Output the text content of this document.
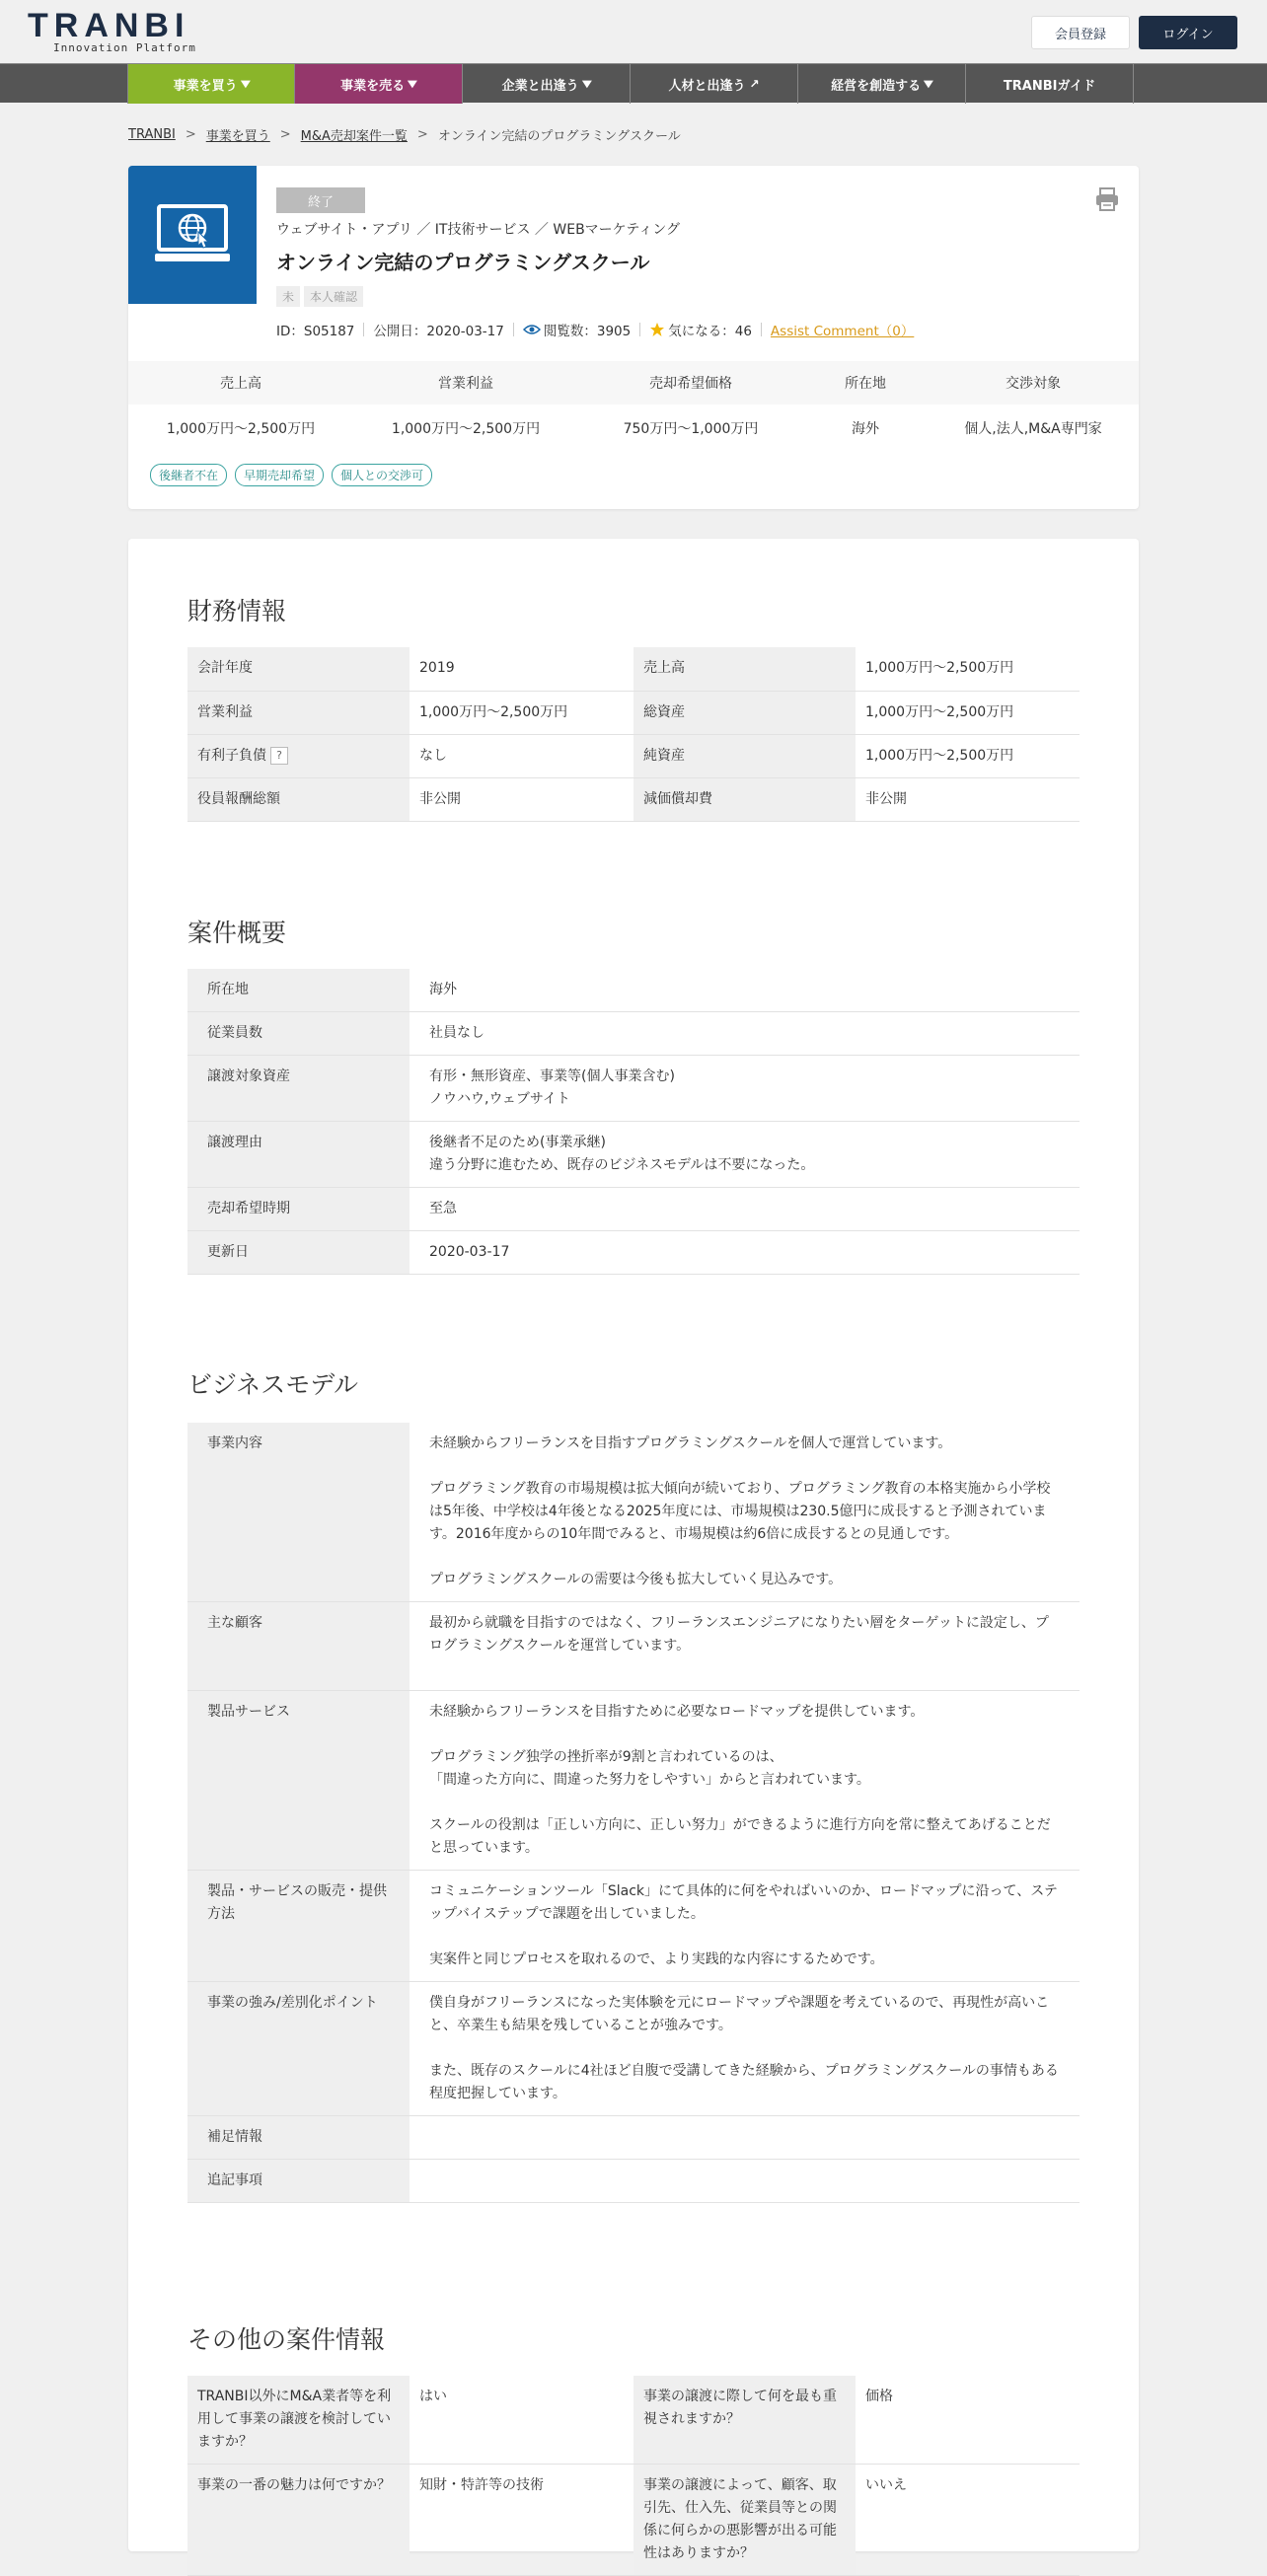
TRANBI
Innovation Platform
会員登録	ログイン
事業を買う ▼	事業を売る ▼	企業と出逢う ▼	人材と出逢う ↗	経営を創造する ▼	TRANBIガイド
TRANBI > 事業を買う > M&A売却案件一覧 > オンライン完結のプログラミングスクール
終了
ウェブサイト・アプリ ／ IT技術サービス ／ WEBマーケティング
オンライン完結のプログラミングスクール
未	本人確認
ID：S05187 公開日：2020-03-17	閲覧数：3905	気になる：46 Assist Comment（0）
売上高	営業利益	売却希望価格	所在地	交渉対象
1,000万円〜2,500万円	1,000万円〜2,500万円	750万円〜1,000万円	海外	個人,法人,M&A専門家
後継者不在	早期売却希望	個人との交渉可
財務情報
会計年度	2019	売上高	1,000万円〜2,500万円
営業利益	1,000万円〜2,500万円	総資産	1,000万円〜2,500万円
有利子負債 ?	なし	純資産	1,000万円〜2,500万円
役員報酬総額	非公開	減価償却費	非公開
案件概要
所在地	海外

従業員数	社員なし

譲渡対象資産	有形・無形資産、事業等(個人事業含む)
ノウハウ,ウェブサイト

譲渡理由	後継者不足のため(事業承継)
違う分野に進むため、既存のビジネスモデルは不要になった。

売却希望時期	至急

更新日	2020-03-17
ビジネスモデル
事業内容	未経験からフリーランスを目指すプログラミングスクールを個人で運営しています。

プログラミング教育の市場規模は拡大傾向が続いており、プログラミング教育の本格実施から小学校は5年後、中学校は4年後となる2025年度には、市場規模は230.5億円に成長すると予測されています。2016年度からの10年間でみると、市場規模は約6倍に成長するとの見通しです。

プログラミングスクールの需要は今後も拡大していく見込みです。

主な顧客	最初から就職を目指すのではなく、フリーランスエンジニアになりたい層をターゲットに設定し、プログラミングスクールを運営しています。

製品サービス	未経験からフリーランスを目指すために必要なロードマップを提供しています。

プログラミング独学の挫折率が9割と言われているのは、
「間違った方向に、間違った努力をしやすい」からと言われています。

スクールの役割は「正しい方向に、正しい努力」ができるように進行方向を常に整えてあげることだと思っています。

製品・サービスの販売・提供方法	コミュニケーションツール「Slack」にて具体的に何をやればいいのか、ロードマップに沿って、ステップバイステップで課題を出していました。

実案件と同じプロセスを取れるので、より実践的な内容にするためです。

事業の強み/差別化ポイント	僕自身がフリーランスになった実体験を元にロードマップや課題を考えているので、再現性が高いこと、卒業生も結果を残していることが強みです。

また、既存のスクールに4社ほど自腹で受講してきた経験から、プログラミングスクールの事情もある程度把握しています。

補足情報	
追記事項	
その他の案件情報
TRANBI以外にM&A業者等を利用して事業の譲渡を検討していますか？	はい	事業の譲渡に際して何を最も重視されますか？	価格
事業の一番の魅力は何ですか？	知財・特許等の技術	事業の譲渡によって、顧客、取引先、仕入先、従業員等との関係に何らかの悪影響が出る可能性はありますか？	いいえ
